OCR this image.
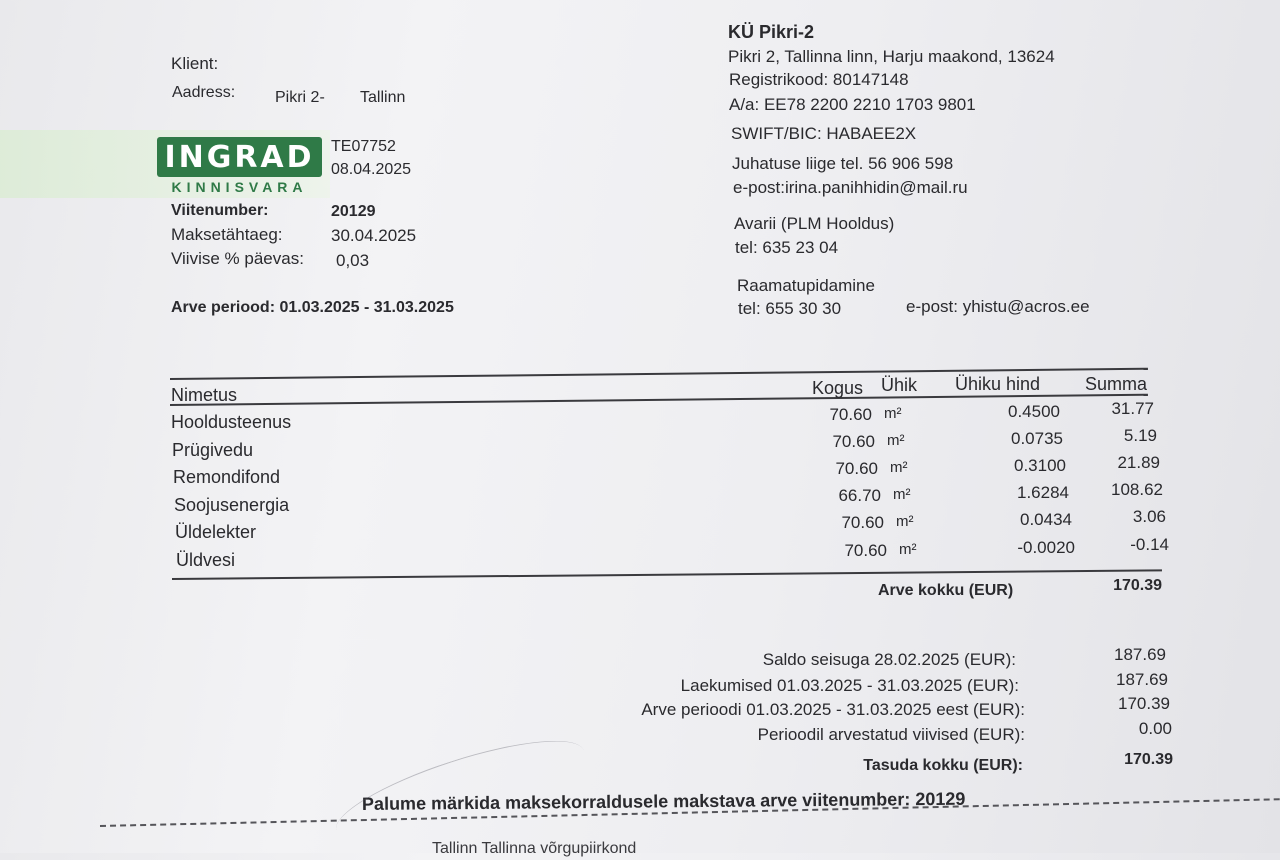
Klient:
Aadress: Pikri 2- Tallinn
INGRAD
KINNISVARA
TE07752
08.04.2025
Viitenumber:	20129
Maksetähtaeg:	30.04.2025
Viivise % päevas: 0,03
Arve periood: 01.03.2025 - 31.03.2025
KÜ Pikri-2
Pikri 2, Tallinna linn, Harju maakond, 13624
Registrikood: 80147148
A/a: EE78 2200 2210 1703 9801
SWIFT/BIC: HABAEE2X
Juhatuse liige tel. 56 906 598
e-post:irina.panihhidin@mail.ru
Avarii (PLM Hooldus)
tel: 635 23 04
Raamatupidamine
tel: 655 30 30	e-post: yhistu@acros.ee
Nimetus	Kogus Ühik Ühiku hind Summa
Hooldusteenus	70.60 m²	0.4500	31.77
Prügivedu	70.60 m²	0.0735	5.19
Remondifond	70.60 m²	0.3100	21.89
Soojusenergia	66.70 m²	1.6284	108.62
Üldelekter	70.60 m²	0.0434	3.06
Üldvesi	70.60 m²	-0.0020	-0.14
Arve kokku (EUR)	170.39
Saldo seisuga 28.02.2025 (EUR):	187.69
Laekumised 01.03.2025 - 31.03.2025 (EUR):	187.69
Arve perioodi 01.03.2025 - 31.03.2025 eest (EUR):	170.39
Perioodil arvestatud viivised (EUR):	0.00
Tasuda kokku (EUR):	170.39
Palume märkida maksekorraldusele makstava arve viitenumber: 20129
Tallinn Tallinna võrgupiirkond
